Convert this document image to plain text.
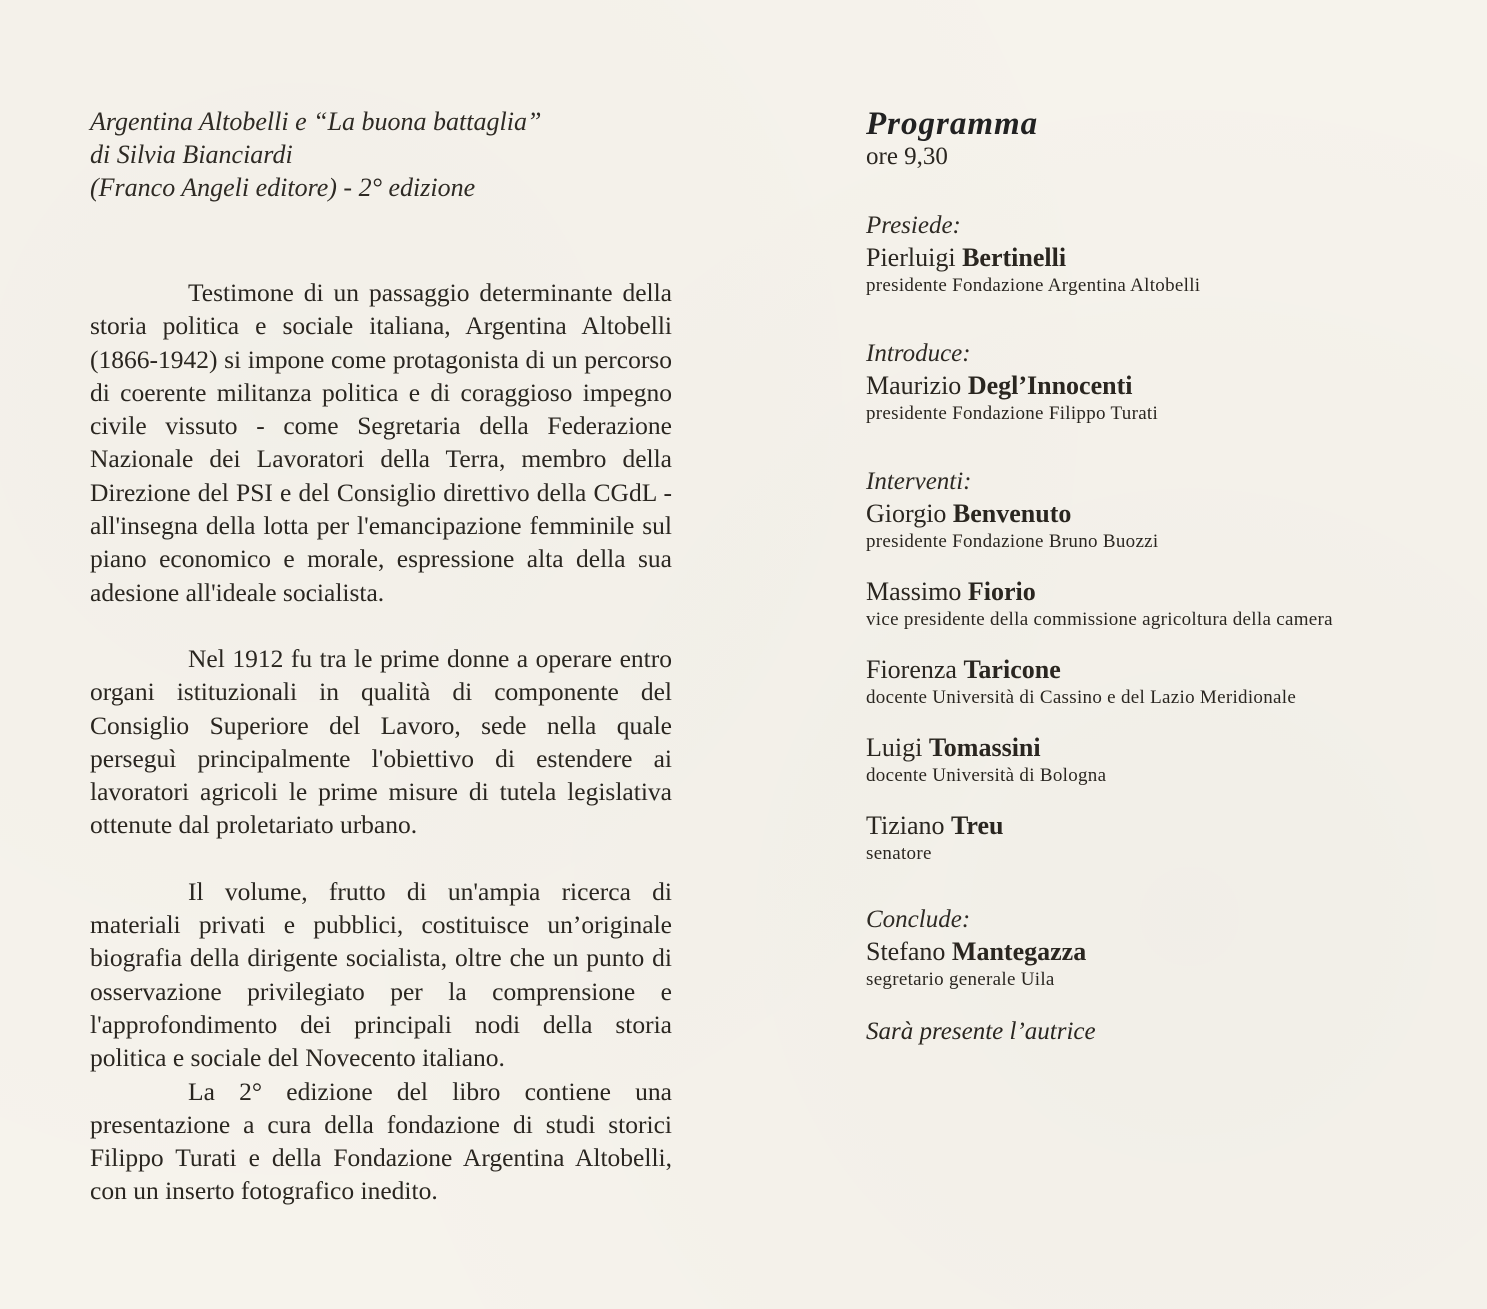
Argentina Altobelli e “La buona battaglia”
di Silvia Bianciardi
(Franco Angeli editore) - 2° edizione

Testimone di un passaggio determinante della storia politica e sociale italiana, Argentina Altobelli (1866-1942) si impone come protagonista di un percorso di coerente militanza politica e di coraggioso impegno civile vissuto - come Segretaria della Federazione Nazionale dei Lavoratori della Terra, membro della Direzione del PSI e del Consiglio direttivo della CGdL - all'insegna della lotta per l'emancipazione femminile sul piano economico e morale, espressione alta della sua adesione all'ideale socialista.

Nel 1912 fu tra le prime donne a operare entro organi istituzionali in qualità di componente del Consiglio Superiore del Lavoro, sede nella quale perseguì principalmente l'obiettivo di estendere ai lavoratori agricoli le prime misure di tutela legislativa ottenute dal proletariato urbano.

Il volume, frutto di un'ampia ricerca di materiali privati e pubblici, costituisce un’originale biografia della dirigente socialista, oltre che un punto di osservazione privilegiato per la comprensione e l'approfondimento dei principali nodi della storia politica e sociale del Novecento italiano.

La 2° edizione del libro contiene una presentazione a cura della fondazione di studi storici Filippo Turati e della Fondazione Argentina Altobelli, con un inserto fotografico inedito.

Programma
ore 9,30
Presiede:
Pierluigi Bertinelli
presidente Fondazione Argentina Altobelli
Introduce:
Maurizio Degl’Innocenti
presidente Fondazione Filippo Turati
Interventi:
Giorgio Benvenuto
presidente Fondazione Bruno Buozzi
Massimo Fiorio
vice presidente della commissione agricoltura della camera
Fiorenza Taricone
docente Università di Cassino e del Lazio Meridionale
Luigi Tomassini
docente Università di Bologna
Tiziano Treu
senatore
Conclude:
Stefano Mantegazza
segretario generale Uila
Sarà presente l’autrice
